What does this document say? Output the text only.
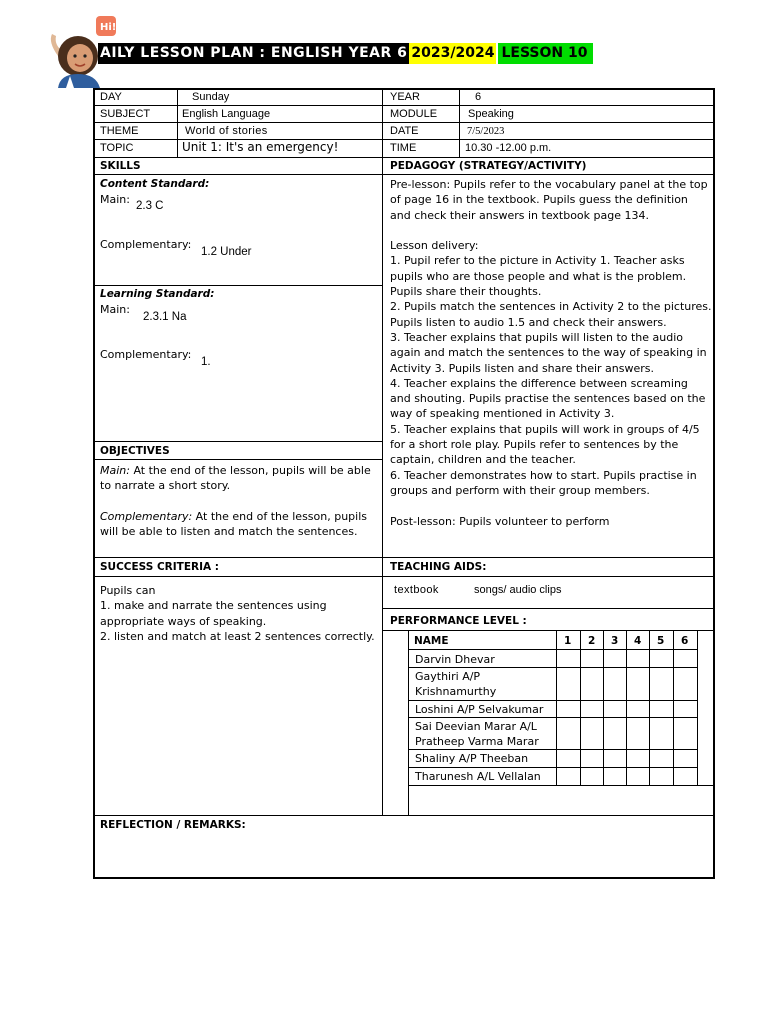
Hi!
AILY LESSON PLAN : ENGLISH YEAR 6 2023/2024 LESSON 10
DAY	Sunday	YEAR	6
SUBJECT	English Language	MODULE	Speaking
THEME	World of stories	DATE	7/5/2023
TOPIC	Unit 1: It's an emergency!	TIME	10.30 -12.00 p.m.
SKILLS	PEDAGOGY (STRATEGY/ACTIVITY)
Content Standard:
Main: 2.3 C
Complementary:
1.2 Under
Learning Standard:
Main:
2.3.1 Na
Complementary:
1.
Pre-lesson: Pupils refer to the vocabulary panel at the top of page 16 in the textbook. Pupils guess the definition and check their answers in textbook page 134.
Lesson delivery:
1. Pupil refer to the picture in Activity 1. Teacher asks pupils who are those people and what is the problem. Pupils share their thoughts.
2. Pupils match the sentences in Activity 2 to the pictures. Pupils listen to audio 1.5 and check their answers.
3. Teacher explains that pupils will listen to the audio again and match the sentences to the way of speaking in Activity 3. Pupils listen and share their answers.
4. Teacher explains the difference between screaming and shouting. Pupils practise the sentences based on the way of speaking mentioned in Activity 3.
5. Teacher explains that pupils will work in groups of 4/5 for a short role play. Pupils refer to sentences by the captain, children and the teacher.
6. Teacher demonstrates how to start. Pupils practise in groups and perform with their group members.
Post-lesson: Pupils volunteer to perform
OBJECTIVES
Main: At the end of the lesson, pupils will be able to narrate a short story.
Complementary: At the end of the lesson, pupils will be able to listen and match the sentences.
SUCCESS CRITERIA :	TEACHING AIDS:
Pupils can
1. make and narrate the sentences using appropriate ways of speaking.
2. listen and match at least 2 sentences correctly.
textbook	songs/ audio clips
PERFORMANCE LEVEL :
NAME	1 2 3 4 5 6
Darvin Dhevar
Gaythiri A/P Krishnamurthy
Loshini A/P Selvakumar
Sai Deevian Marar A/L Pratheep Varma Marar
Shaliny A/P Theeban
Tharunesh A/L Vellalan
REFLECTION / REMARKS:
